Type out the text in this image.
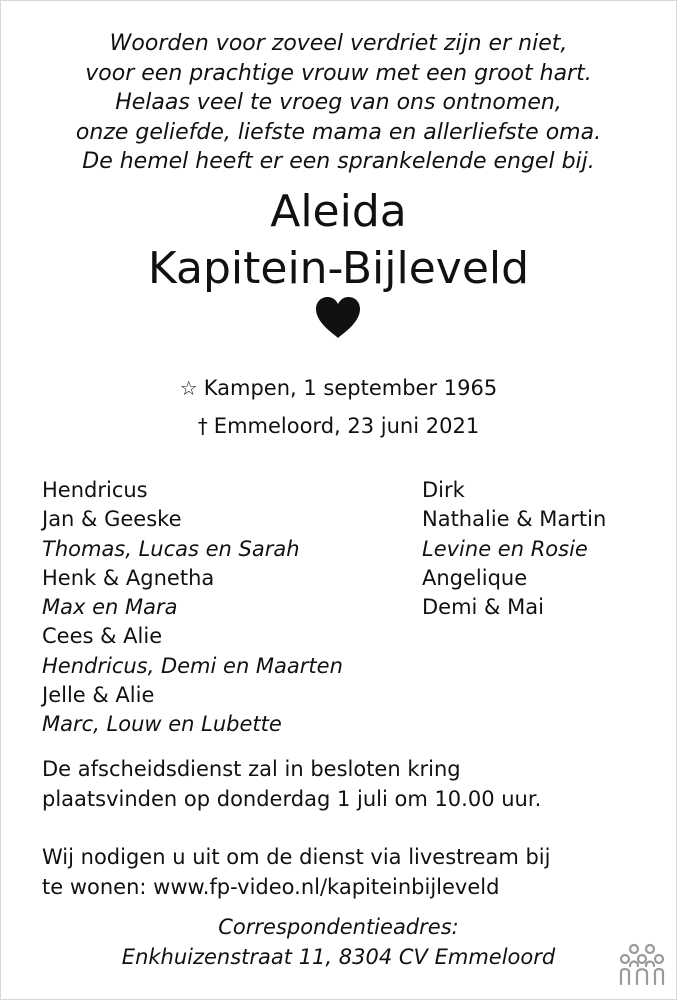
Woorden voor zoveel verdriet zijn er niet,
voor een prachtige vrouw met een groot hart.
Helaas veel te vroeg van ons ontnomen,
onze geliefde, liefste mama en allerliefste oma.
De hemel heeft er een sprankelende engel bij.
Aleida
Kapitein-Bijleveld
☆ Kampen, 1 september 1965
† Emmeloord, 23 juni 2021
Hendricus
Jan & Geeske
Thomas, Lucas en Sarah
Henk & Agnetha
Max en Mara
Cees & Alie
Hendricus, Demi en Maarten
Jelle & Alie
Marc, Louw en Lubette
Dirk
Nathalie & Martin
Levine en Rosie
Angelique
Demi & Mai
De afscheidsdienst zal in besloten kring
plaatsvinden op donderdag 1 juli om 10.00 uur.
Wij nodigen u uit om de dienst via livestream bij
te wonen: www.fp-video.nl/kapiteinbijleveld
Correspondentieadres:
Enkhuizenstraat 11, 8304 CV Emmeloord
